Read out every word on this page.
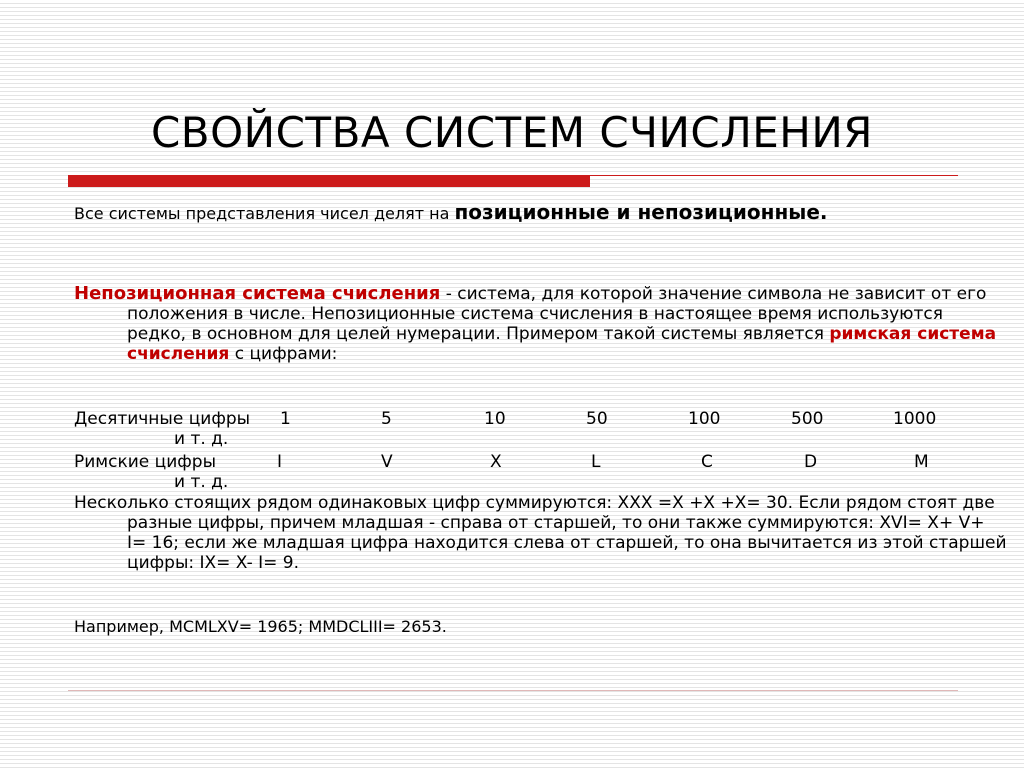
СВОЙСТВА СИСТЕМ СЧИСЛЕНИЯ
Все системы представления чисел делят на позиционные и непозиционные.
Непозиционная система счисления - система, для которой значение символа не зависит от его положения в числе. Непозиционные система счисления в настоящее время используются редко, в основном для целей нумерации. Примером такой системы является римская система счисления с цифрами:
Десятичные цифры 1	5	10	50	100	500	1000
и т. д.
Римские цифры	I	V	X	L	C	D	M
и т. д.
Несколько стоящих рядом одинаковых цифр суммируются: XXX =X +X +X= 30. Если рядом стоят две разные цифры, причем младшая - справа от старшей, то они также суммируются: XVI= X+ V+ I= 16; если же младшая цифра находится слева от старшей, то она вычитается из этой старшей цифры: IX= X- I= 9.
Например, MCMLXV= 1965; MMDCLIII= 2653.
